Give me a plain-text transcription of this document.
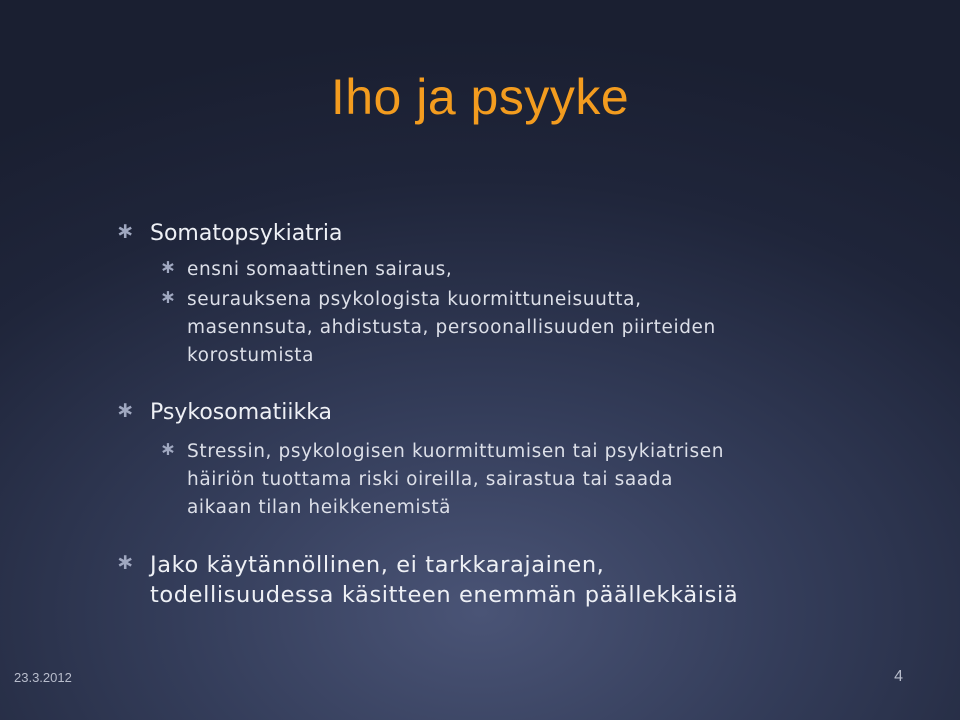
Iho ja psyyke
∗ Somatopsykiatria
∗ ensni somaattinen sairaus,
∗ seurauksena psykologista kuormittuneisuutta,
masennsuta, ahdistusta, persoonallisuuden piirteiden
korostumista
∗ Psykosomatiikka
∗ Stressin, psykologisen kuormittumisen tai psykiatrisen
häiriön tuottama riski oireilla, sairastua tai saada
aikaan tilan heikkenemistä
∗ Jako käytännöllinen, ei tarkkarajainen,
todellisuudessa käsitteen enemmän päällekkäisiä
23.3.2012	4
